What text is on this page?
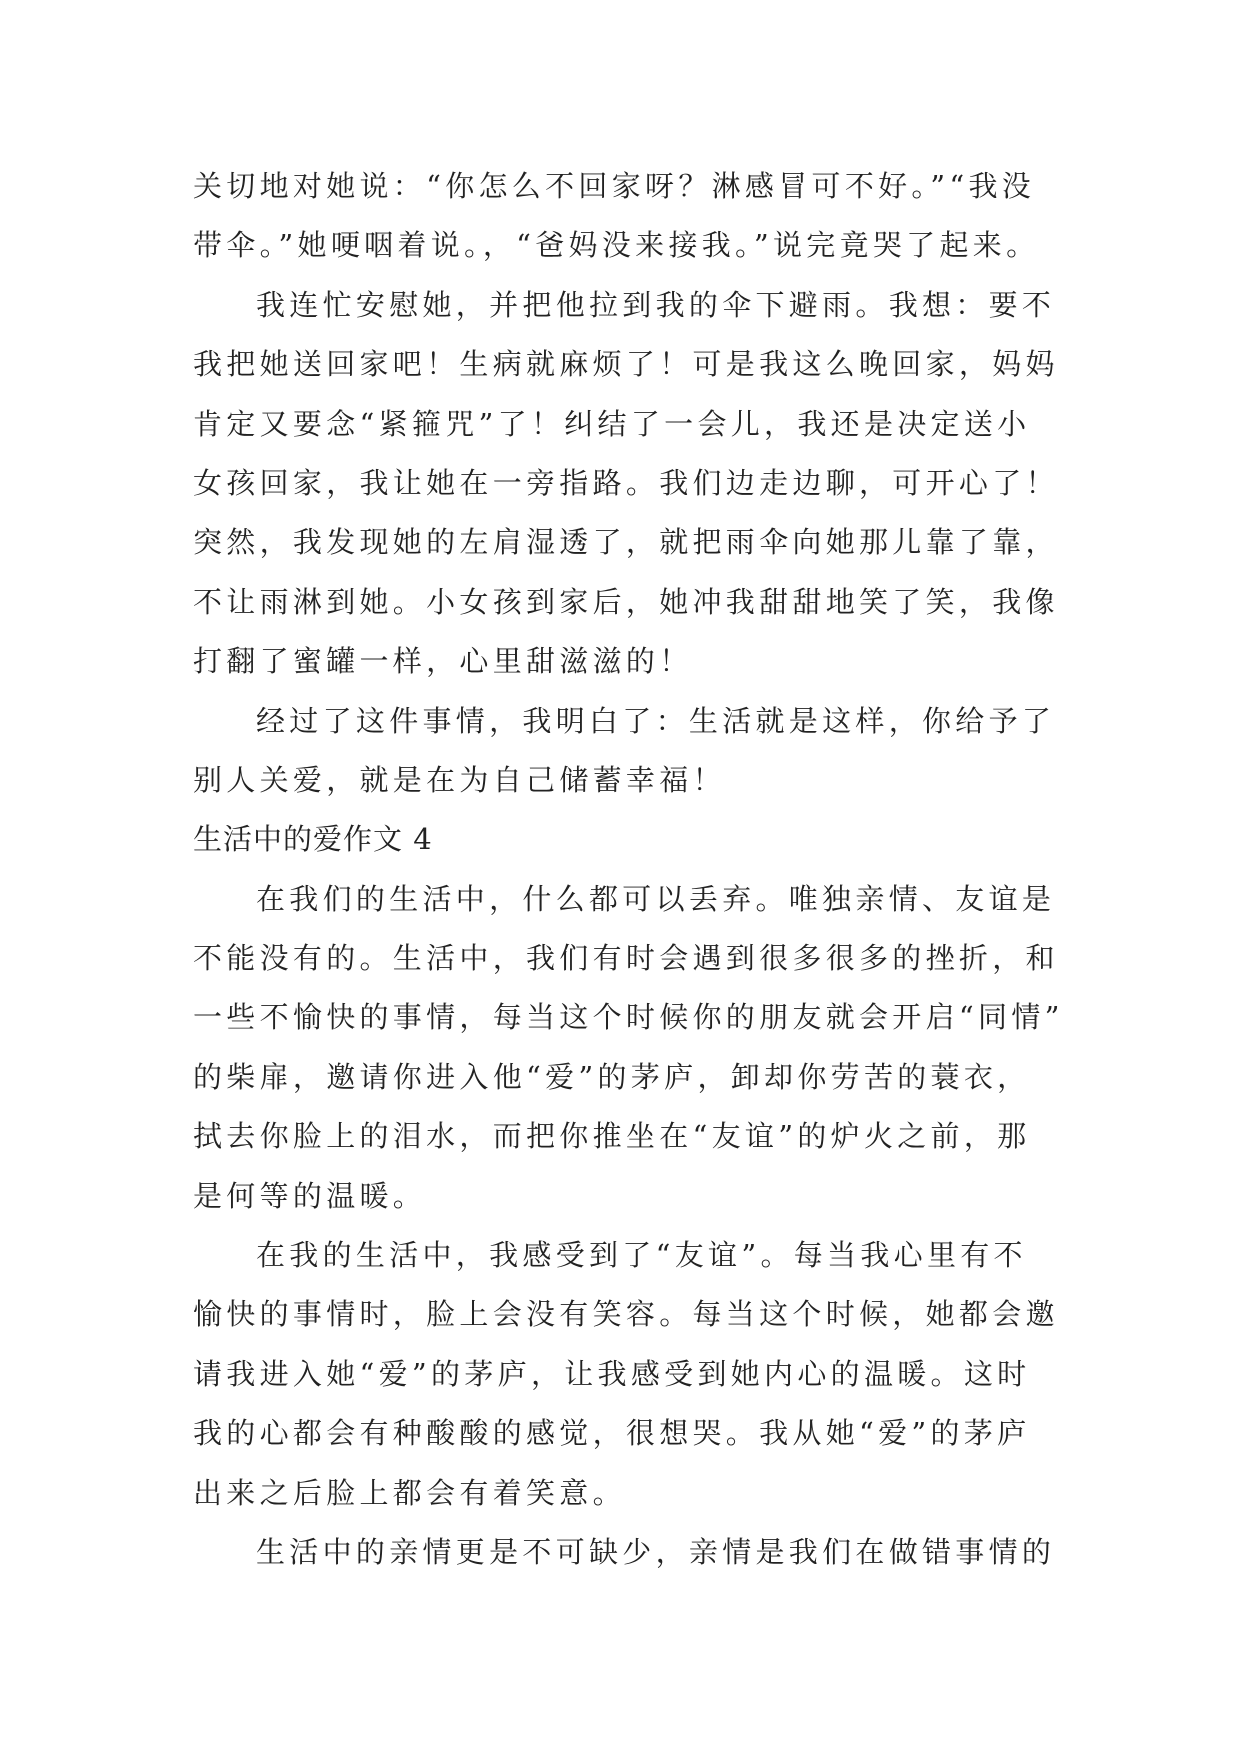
关切地对她说：“你怎么不回家呀？淋感冒可不好。”“我没
带伞。”她哽咽着说。，“爸妈没来接我。”说完竟哭了起来。
我连忙安慰她，并把他拉到我的伞下避雨。我想：要不
我把她送回家吧！生病就麻烦了！可是我这么晚回家，妈妈
肯定又要念“紧箍咒”了！纠结了一会儿，我还是决定送小
女孩回家，我让她在一旁指路。我们边走边聊，可开心了！
突然，我发现她的左肩湿透了，就把雨伞向她那儿靠了靠，
不让雨淋到她。小女孩到家后，她冲我甜甜地笑了笑，我像
打翻了蜜罐一样，心里甜滋滋的！
经过了这件事情，我明白了：生活就是这样，你给予了
别人关爱，就是在为自己储蓄幸福！
生活中的爱作文 4
在我们的生活中，什么都可以丢弃。唯独亲情、友谊是
不能没有的。生活中，我们有时会遇到很多很多的挫折，和
一些不愉快的事情，每当这个时候你的朋友就会开启“同情”
的柴扉，邀请你进入他“爱”的茅庐，卸却你劳苦的蓑衣，
拭去你脸上的泪水，而把你推坐在“友谊”的炉火之前，那
是何等的温暖。
在我的生活中，我感受到了“友谊”。每当我心里有不
愉快的事情时，脸上会没有笑容。每当这个时候，她都会邀
请我进入她“爱”的茅庐，让我感受到她内心的温暖。这时
我的心都会有种酸酸的感觉，很想哭。我从她“爱”的茅庐
出来之后脸上都会有着笑意。
生活中的亲情更是不可缺少，亲情是我们在做错事情的
